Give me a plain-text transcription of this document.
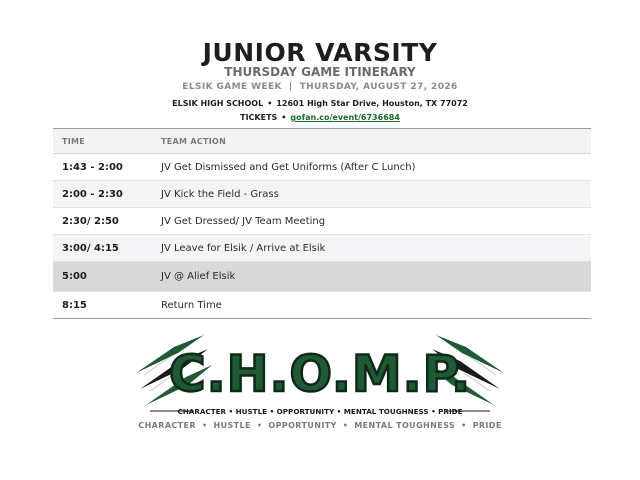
JUNIOR VARSITY
THURSDAY GAME ITINERARY
ELSIK GAME WEEK | THURSDAY, AUGUST 27, 2026
ELSIK HIGH SCHOOL • 12601 High Star Drive, Houston, TX 77072
TICKETS • gofan.co/event/6736684
TIME	TEAM ACTION
1:43 - 2:00	JV Get Dismissed and Get Uniforms (After C Lunch)
2:00 - 2:30	JV Kick the Field - Grass
2:30/ 2:50	JV Get Dressed/ JV Team Meeting
3:00/ 4:15	JV Leave for Elsik / Arrive at Elsik
5:00	JV @ Alief Elsik
8:15	Return Time
C.H.O.M.P.
CHARACTER • HUSTLE • OPPORTUNITY • MENTAL TOUGHNESS • PRIDE
CHARACTER • HUSTLE • OPPORTUNITY • MENTAL TOUGHNESS • PRIDE
